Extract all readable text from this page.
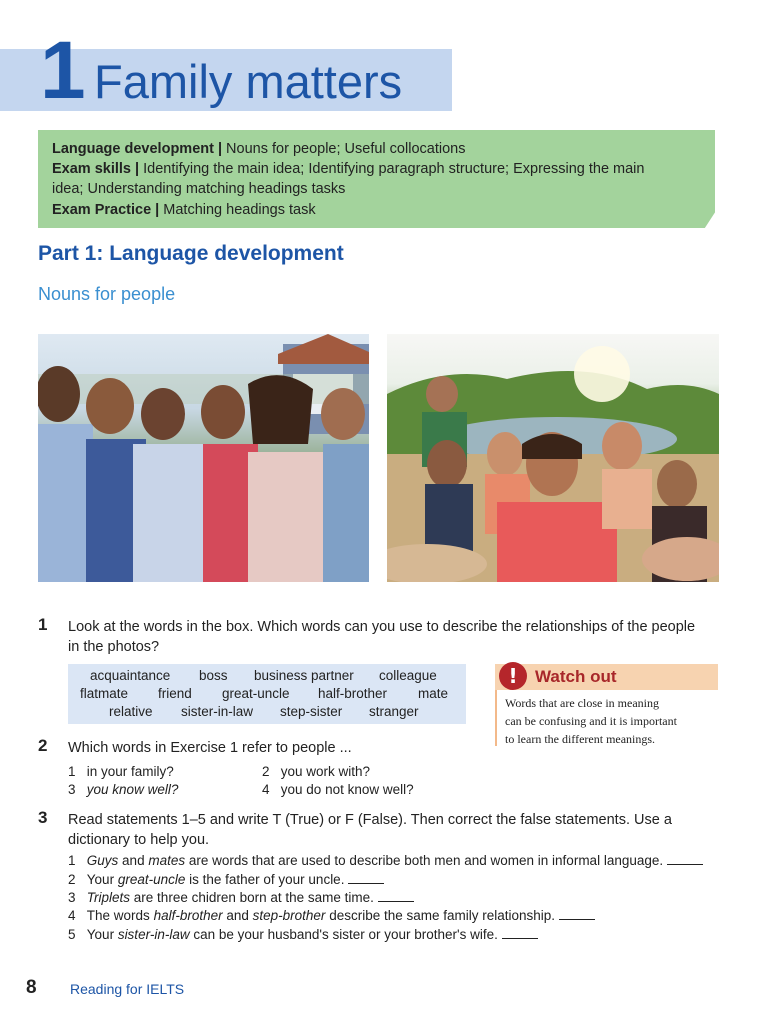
1 Family matters
Language development | Nouns for people; Useful collocations
Exam skills | Identifying the main idea; Identifying paragraph structure; Expressing the main
idea; Understanding matching headings tasks
Exam Practice | Matching headings task
Part 1: Language development
Nouns for people
1 Look at the words in the box. Which words can you use to describe the relationships of the people
in the photos?
acquaintance boss business partner colleague
flatmate friend great-uncle half-brother mate
relative sister-in-law step-sister stranger
!	Watch out
Words that are close in meaning
can be confusing and it is important
to learn the different meanings.
2 Which words in Exercise 1 refer to people ...
1 in your family?	2 you work with?
3 you know well?	4 you do not know well?
3 Read statements 1–5 and write T (True) or F (False). Then correct the false statements. Use a
dictionary to help you.
1 Guys and mates are words that are used to describe both men and women in informal language.
2 Your great-uncle is the father of your uncle.
3 Triplets are three chidren born at the same time.
4 The words half-brother and step-brother describe the same family relationship.
5 Your sister-in-law can be your husband's sister or your brother's wife.
8 Reading for IELTS
